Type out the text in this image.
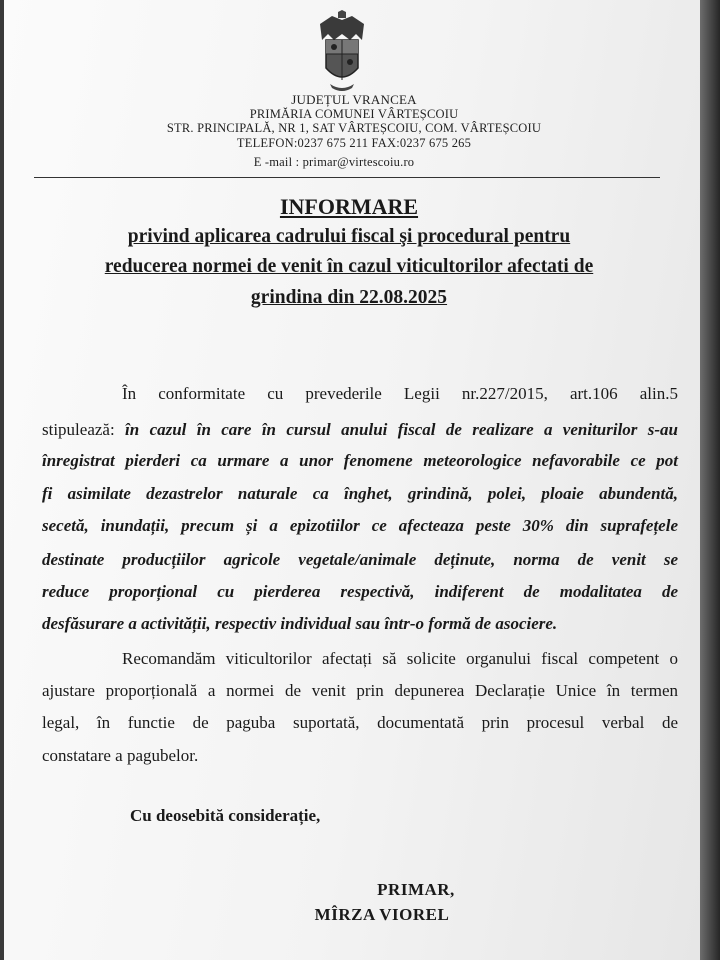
JUDEȚUL VRANCEA
PRIMĂRIA COMUNEI VÂRTEȘCOIU
STR. PRINCIPALĂ, NR 1, SAT VÂRTEȘCOIU, COM. VÂRTEȘCOIU
TELEFON:0237 675 211 FAX:0237 675 265
E -mail : primar@virtescoiu.ro
INFORMARE
privind aplicarea cadrului fiscal şi procedural pentru
reducerea normei de venit în cazul viticultorilor afectati de
grindina din 22.08.2025
În conformitate cu prevederile Legii nr.227/2015, art.106 alin.5
stipulează: în cazul în care în cursul anului fiscal de realizare a veniturilor s-au
înregistrat pierderi ca urmare a unor fenomene meteorologice nefavorabile ce pot
fi asimilate dezastrelor naturale ca înghet, grindină, polei, ploaie abundentă,
secetă, inundații, precum și a epizotiilor ce afecteaza peste 30% din suprafețele
destinate producțiilor agricole vegetale/animale deținute, norma de venit se
reduce proporțional cu pierderea respectivă, indiferent de modalitatea de
desfăsurare a activității, respectiv individual sau într-o formă de asociere.
Recomandăm viticultorilor afectați să solicite organului fiscal competent o
ajustare proporțională a normei de venit prin depunerea Declarație Unice în termen
legal, în functie de paguba suportată, documentată prin procesul verbal de
constatare a pagubelor.
Cu deosebită considerație,
PRIMAR,
MÎRZA VIOREL
